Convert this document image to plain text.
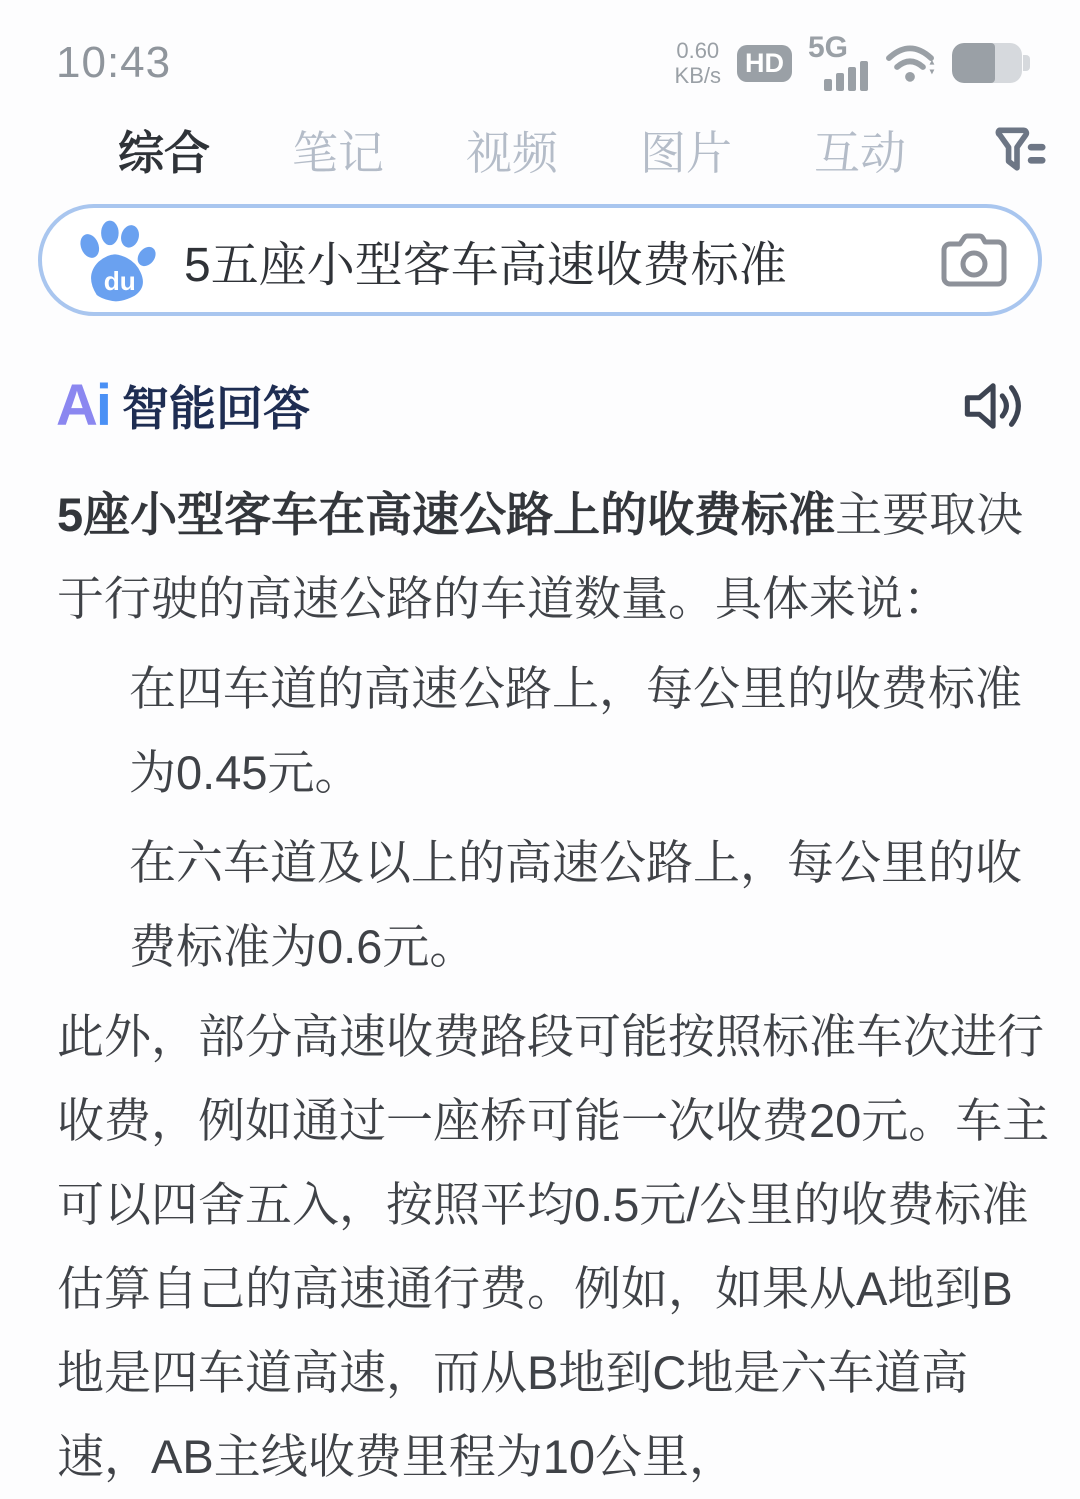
10:43	0.60
KB/s HD 5G
综合 笔记 视频 图片 互动
du 5五座小型客车高速收费标准
Ai 智能回答
5座小型客车在高速公路上的收费标准主要取决于行驶的高速公路的车道数量。具体来说：
在四车道的高速公路上，每公里的收费标准为0.45元。
在六车道及以上的高速公路上，每公里的收费标准为0.6元。
此外，部分高速收费路段可能按照标准车次进行收费，例如通过一座桥可能一次收费20元。车主可以四舍五入，按照平均0.5元/公里的收费标准估算自己的高速通行费。例如，如果从A地到B地是四车道高速，而从B地到C地是六车道高速，AB主线收费里程为10公里，
